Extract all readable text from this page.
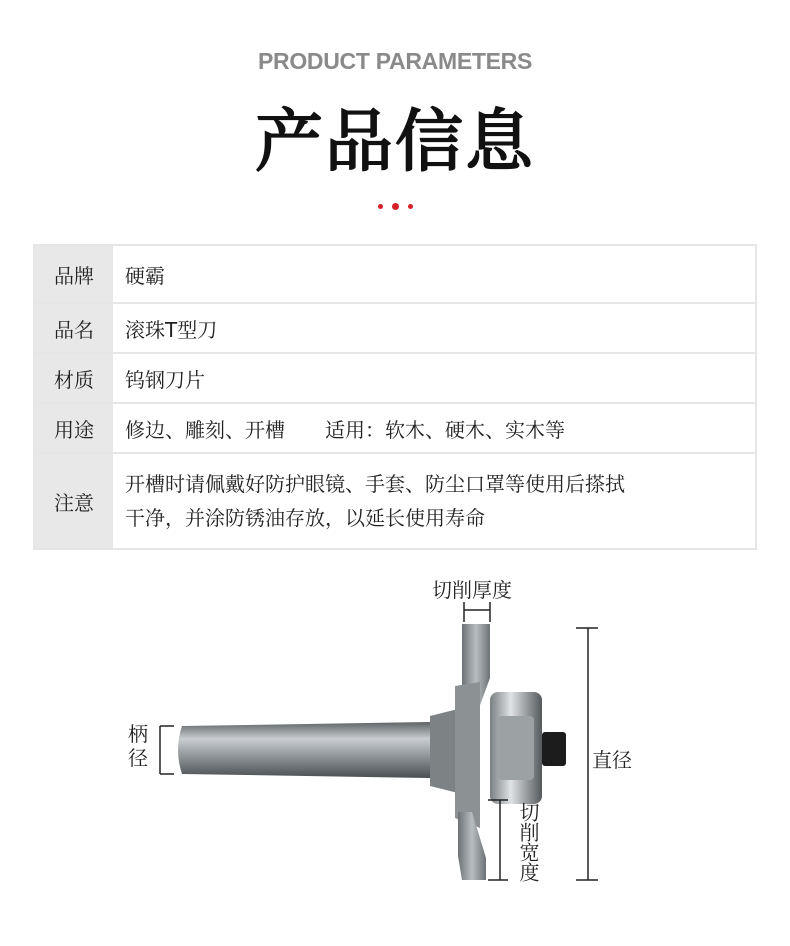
PRODUCT PARAMETERS
产品信息
品牌	硬霸
品名	滚珠T型刀
材质	钨钢刀片
用途	修边、雕刻、开槽 适用：软木、硬木、实木等
注意	开槽时请佩戴好防护眼镜、手套、防尘口罩等使用后搽拭
干净，并涂防锈油存放，以延长使用寿命
切削厚度
柄径	直径
切削宽度
